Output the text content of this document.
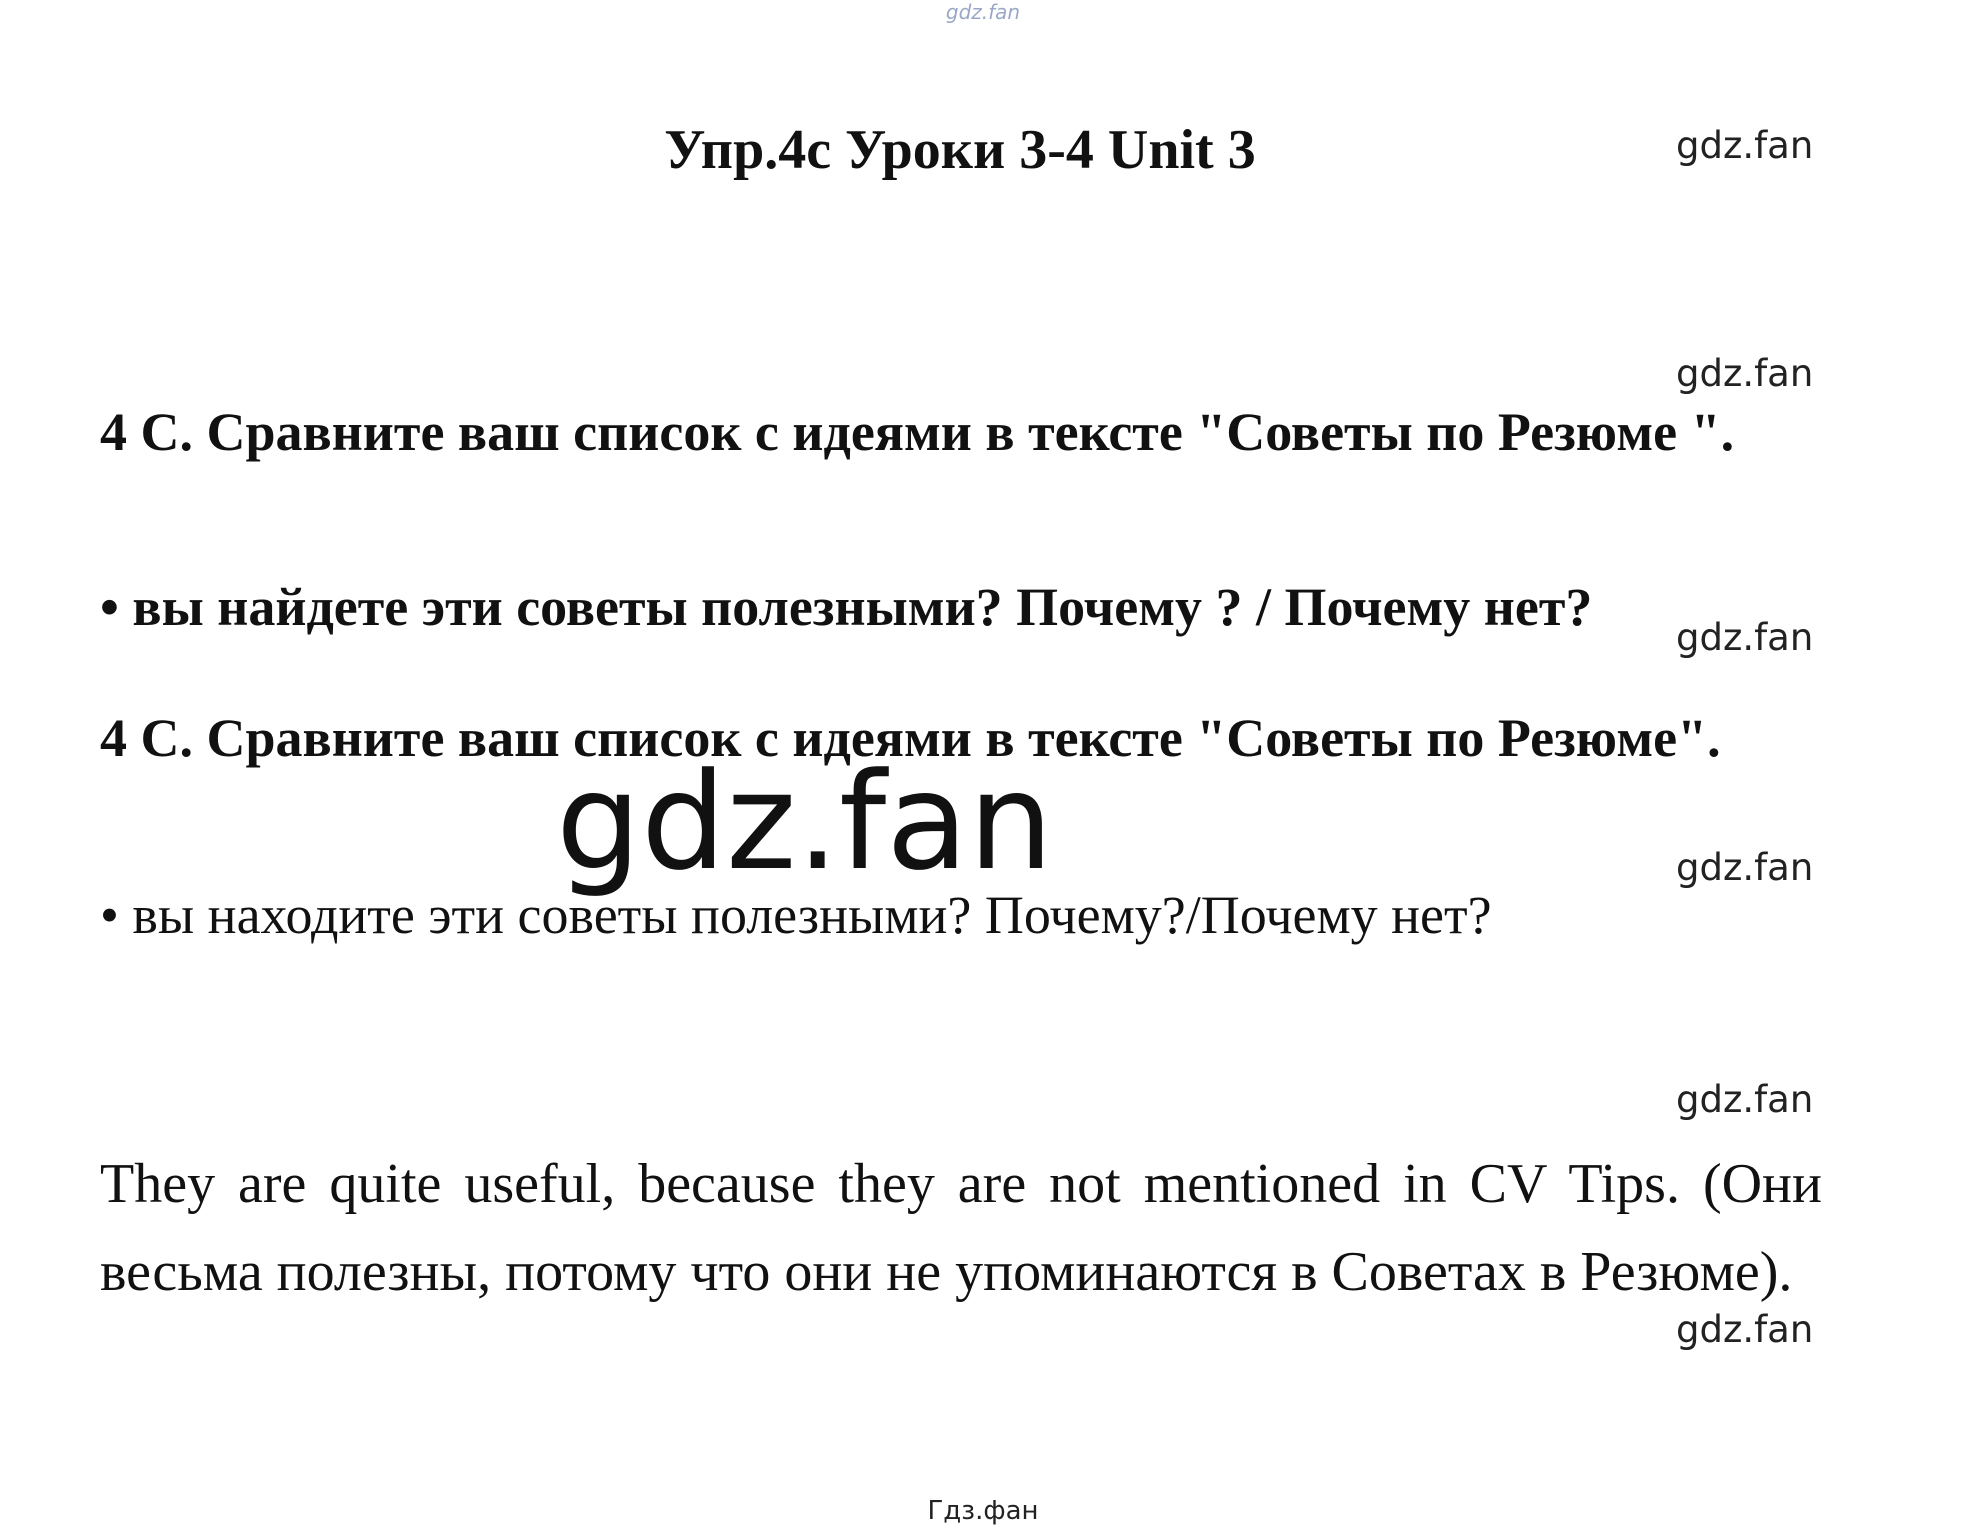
gdz.fan
Упр.4с Уроки 3-4 Unit 3	gdz.fan
gdz.fan
gdz.fan
gdz.fan
gdz.fan
gdz.fan
4 С. Сравните ваш список с идеями в тексте "Советы по Резюме ".
• вы найдете эти советы полезными? Почему ? / Почему нет?
4 С. Сравните ваш список с идеями в тексте "Советы по Резюме".
• вы находите эти советы полезными? Почему?/Почему нет?
gdz.fan
They are quite useful, because they are not mentioned in CV Tips. (Они весьма полезны, потому что они не упоминаются в Советах в Резюме).
Гдз.фан
